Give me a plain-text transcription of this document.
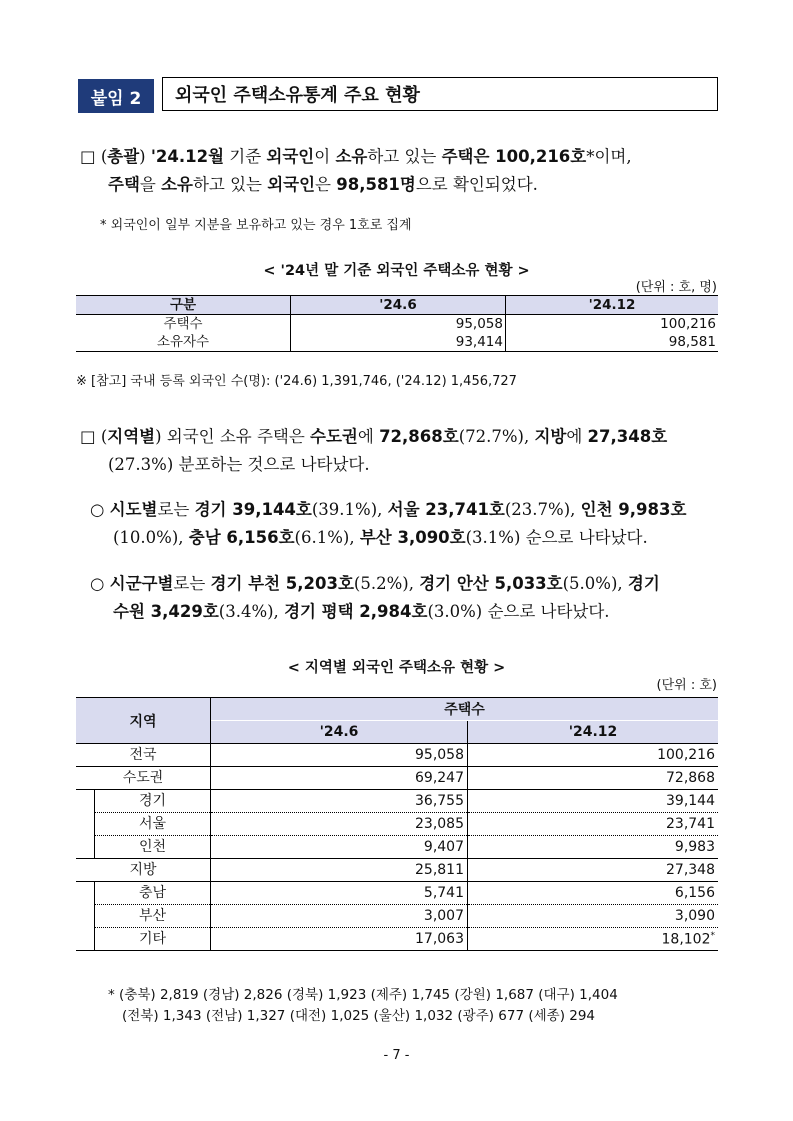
붙임 2	외국인 주택소유통계 주요 현황
□ (총괄) '24.12월 기준 외국인이 소유하고 있는 주택은 100,216호*이며,
주택을 소유하고 있는 외국인은 98,581명으로 확인되었다.
* 외국인이 일부 지분을 보유하고 있는 경우 1호로 집계
< '24년 말 기준 외국인 주택소유 현황 >
(단위 : 호, 명)
구분	'24.6	'24.12
주택수	95,058	100,216
소유자수	93,414	98,581
※ [참고] 국내 등록 외국인 수(명): ('24.6) 1,391,746, ('24.12) 1,456,727
□ (지역별) 외국인 소유 주택은 수도권에 72,868호(72.7%), 지방에 27,348호
(27.3%) 분포하는 것으로 나타났다.
○ 시도별로는 경기 39,144호(39.1%), 서울 23,741호(23.7%), 인천 9,983호
(10.0%), 충남 6,156호(6.1%), 부산 3,090호(3.1%) 순으로 나타났다.
○ 시군구별로는 경기 부천 5,203호(5.2%), 경기 안산 5,033호(5.0%), 경기
수원 3,429호(3.4%), 경기 평택 2,984호(3.0%) 순으로 나타났다.
< 지역별 외국인 주택소유 현황 >
(단위 : 호)
지역	주택수	
	'24.6	'24.12

전국	95,058	100,216

수도권	69,247	72,868

경기	36,755	39,144

서울	23,085	23,741

인천	9,407	9,983

지방	25,811	27,348

충남	5,741	6,156

부산	3,007	3,090

기타	17,063	18,102*
* (충북) 2,819 (경남) 2,826 (경북) 1,923 (제주) 1,745 (강원) 1,687 (대구) 1,404
(전북) 1,343 (전남) 1,327 (대전) 1,025 (울산) 1,032 (광주) 677 (세종) 294
- 7 -
